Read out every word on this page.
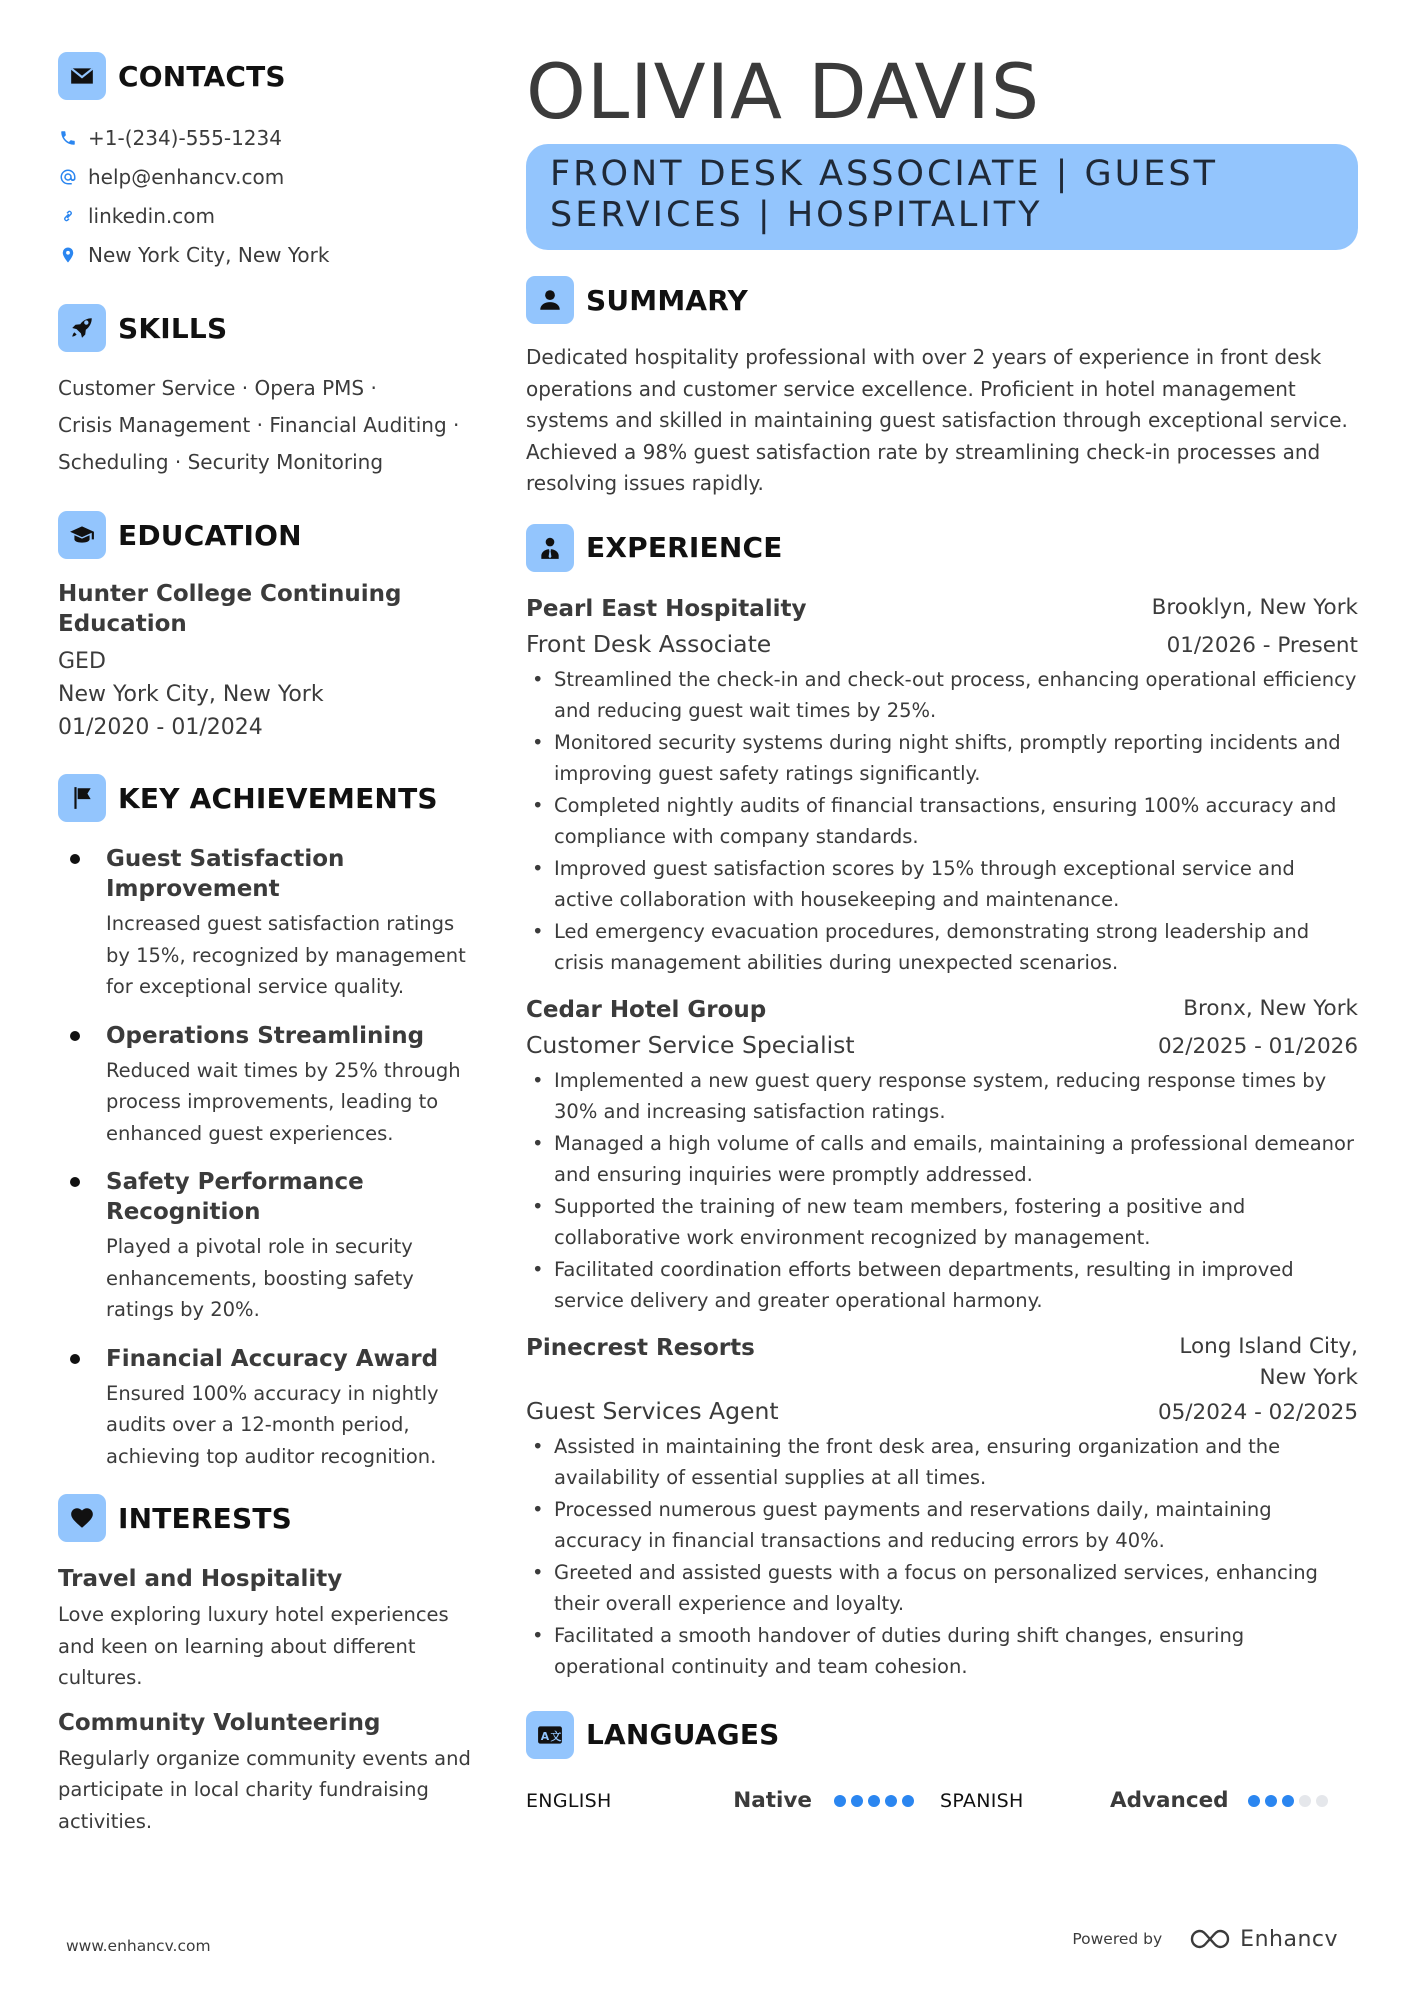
CONTACTS
+1-(234)-555-1234
help@enhancv.com
linkedin.com
New York City, New York
SKILLS
Customer Service · Opera PMS ·
Crisis Management · Financial Auditing ·
Scheduling · Security Monitoring
EDUCATION
Hunter College Continuing Education
GED
New York City, New York
01/2020 - 01/2024
KEY ACHIEVEMENTS
Guest Satisfaction Improvement
Increased guest satisfaction ratings by 15%, recognized by management for exceptional service quality.
Operations Streamlining
Reduced wait times by 25% through process improvements, leading to enhanced guest experiences.
Safety Performance Recognition
Played a pivotal role in security enhancements, boosting safety ratings by 20%.
Financial Accuracy Award
Ensured 100% accuracy in nightly audits over a 12-month period, achieving top auditor recognition.
INTERESTS
Travel and Hospitality
Love exploring luxury hotel experiences and keen on learning about different cultures.
Community Volunteering
Regularly organize community events and participate in local charity fundraising activities.
OLIVIA DAVIS
FRONT DESK ASSOCIATE | GUEST
SERVICES | HOSPITALITY
SUMMARY
Dedicated hospitality professional with over 2 years of experience in front desk operations and customer service excellence. Proficient in hotel management systems and skilled in maintaining guest satisfaction through exceptional service. Achieved a 98% guest satisfaction rate by streamlining check-in processes and resolving issues rapidly.
EXPERIENCE
Pearl East Hospitality	Brooklyn, New York
Front Desk Associate	01/2026 - Present
• Streamlined the check-in and check-out process, enhancing operational efficiency and reducing guest wait times by 25%.
• Monitored security systems during night shifts, promptly reporting incidents and improving guest safety ratings significantly.
• Completed nightly audits of financial transactions, ensuring 100% accuracy and compliance with company standards.
• Improved guest satisfaction scores by 15% through exceptional service and active collaboration with housekeeping and maintenance.
• Led emergency evacuation procedures, demonstrating strong leadership and crisis management abilities during unexpected scenarios.
Cedar Hotel Group	Bronx, New York
Customer Service Specialist	02/2025 - 01/2026
• Implemented a new guest query response system, reducing response times by 30% and increasing satisfaction ratings.
• Managed a high volume of calls and emails, maintaining a professional demeanor and ensuring inquiries were promptly addressed.
• Supported the training of new team members, fostering a positive and collaborative work environment recognized by management.
• Facilitated coordination efforts between departments, resulting in improved service delivery and greater operational harmony.
Pinecrest Resorts	Long Island City,
New York
Guest Services Agent	05/2024 - 02/2025
• Assisted in maintaining the front desk area, ensuring organization and the availability of essential supplies at all times.
• Processed numerous guest payments and reservations daily, maintaining accuracy in financial transactions and reducing errors by 40%.
• Greeted and assisted guests with a focus on personalized services, enhancing their overall experience and loyalty.
• Facilitated a smooth handover of duties during shift changes, ensuring operational continuity and team cohesion.
A 文 LANGUAGES
ENGLISH	Native	SPANISH	Advanced
www.enhancv.com	Powered by	Enhancv
